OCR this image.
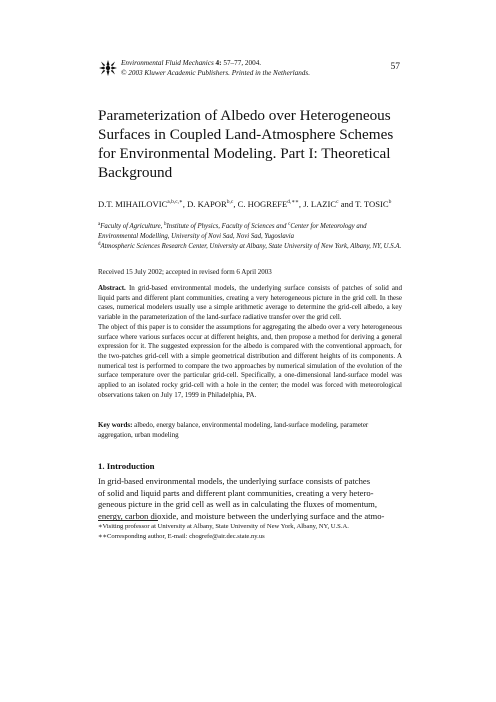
Environmental Fluid Mechanics 4: 57–77, 2004.
© 2003 Kluwer Academic Publishers. Printed in the Netherlands.
57
Parameterization of Albedo over Heterogeneous Surfaces in Coupled Land-Atmosphere Schemes for Environmental Modeling. Part I: Theoretical Background
D.T. $MIHAILOVIC^{a,b,c,∗}$, D. KAPOR$^{b,c}$, C. $HOGREFE^{d,∗∗}$, J. LAZIC$^c$ and T. TOSIC$^b$

$^a$Faculty of Agriculture, $^b$Institute of Physics, Faculty of Sciences and $^c$Center for Meteorology and Environmental Modelling, University of Novi Sad, Novi Sad, Yugoslavia

$^d$Atmospheric Sciences Research Center, University at Albany, State University of New York, Albany, NY, U.S.A.

Received 15 July 2002; accepted in revised form 6 April 2003

Abstract. In grid-based environmental models, the underlying surface consists of patches of solid and liquid parts and different plant communities, creating a very heterogeneous picture in the grid cell. In these cases, numerical modelers usually use a simple arithmetic average to determine the grid-cell albedo, a key variable in the parameterization of the land-surface radiative transfer over the grid cell.

The object of this paper is to consider the assumptions for aggregating the albedo over a very heterogeneous surface where various surfaces occur at different heights, and, then propose a method for deriving a general expression for it. The suggested expression for the albedo is compared with the conventional approach, for the two-patches grid-cell with a simple geometrical distribution and different heights of its components. A numerical test is performed to compare the two approaches by numerical simulation of the evolution of the surface temperature over the particular grid-cell. Specifically, a one-dimensional land-surface model was applied to an isolated rocky grid-cell with a hole in the center; the model was forced with meteorological observations taken on July 17, 1999 in Philadelphia, PA.

Key words: albedo, energy balance, environmental modeling, land-surface modeling, parameter aggregation, urban modeling
1. Introduction
In grid-based environmental models, the underlying surface consists of patches
of solid and liquid parts and different plant communities, creating a very hetero-
geneous picture in the grid cell as well as in calculating the fluxes of momentum,
energy, carbon dioxide, and moisture between the underlying surface and the atmo-

∗Visiting professor at University at Albany, State University of New York, Albany, NY, U.S.A.

∗∗Corresponding author, E-mail: chogrefe@air.dec.state.ny.us
